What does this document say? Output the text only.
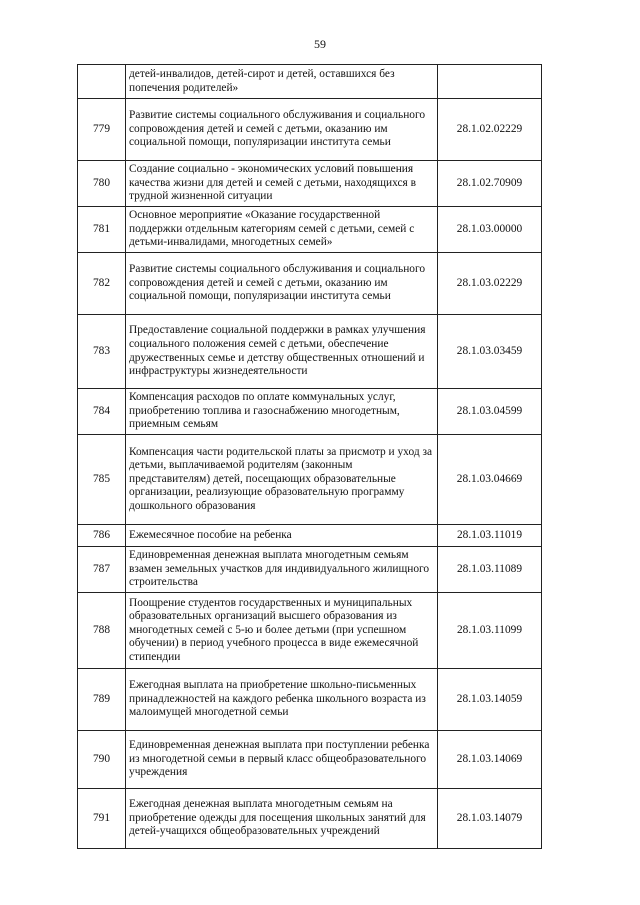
59
	детей-инвалидов, детей-сирот и детей, оставшихся без попечения родителей»	
779	Развитие системы социального обслуживания и социального сопровождения детей и семей с детьми, оказанию им социальной помощи, популяризации института семьи	28.1.02.02229
780	Создание социально - экономических условий повышения качества жизни для детей и семей с детьми, находящихся в трудной жизненной ситуации	28.1.02.70909
781	Основное мероприятие «Оказание государственной поддержки отдельным категориям семей с детьми, семей с детьми-инвалидами, многодетных семей»	28.1.03.00000
782	Развитие системы социального обслуживания и социального сопровождения детей и семей с детьми, оказанию им социальной помощи, популяризации института семьи	28.1.03.02229
783	Предоставление социальной поддержки в рамках улучшения социального положения семей с детьми, обеспечение дружественных семье и детству общественных отношений и инфраструктуры жизнедеятельности	28.1.03.03459
784	Компенсация расходов по оплате коммунальных услуг, приобретению топлива и газоснабжению многодетным, приемным семьям	28.1.03.04599
785	Компенсация части родительской платы за присмотр и уход за детьми, выплачиваемой родителям (законным представителям) детей, посещающих образовательные организации, реализующие образовательную программу дошкольного образования	28.1.03.04669
786	Ежемесячное пособие на ребенка	28.1.03.11019
787	Единовременная денежная выплата многодетным семьям взамен земельных участков для индивидуального жилищного строительства	28.1.03.11089
788	Поощрение студентов государственных и муниципальных образовательных организаций высшего образования из многодетных семей с 5-ю и более детьми (при успешном обучении) в период учебного процесса в виде ежемесячной стипендии	28.1.03.11099
789	Ежегодная выплата на приобретение школьно-письменных принадлежностей на каждого ребенка школьного возраста из малоимущей многодетной семьи	28.1.03.14059
790	Единовременная денежная выплата при поступлении ребенка из многодетной семьи в первый класс общеобразовательного учреждения	28.1.03.14069
791	Ежегодная денежная выплата многодетным семьям на приобретение одежды для посещения школьных занятий для детей-учащихся общеобразовательных учреждений	28.1.03.14079
